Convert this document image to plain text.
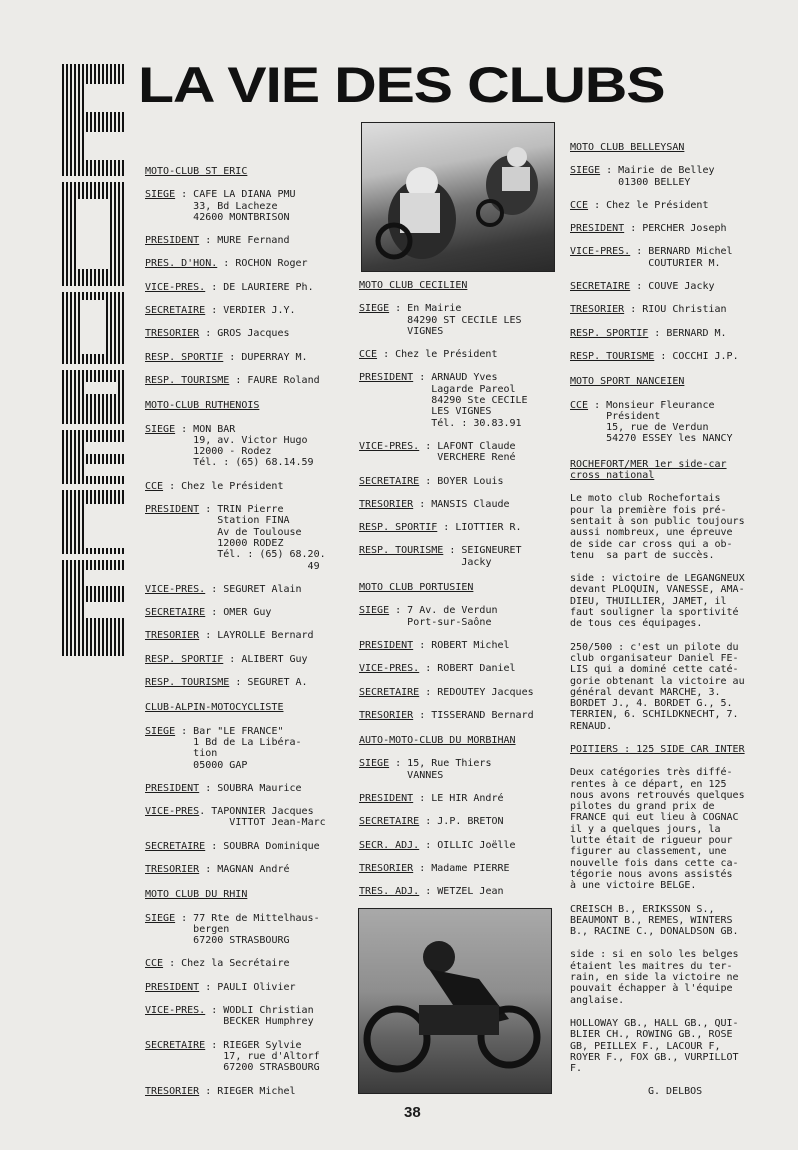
LA VIE DES CLUBS
MOTO-CLUB ST ERIC
SIEGE : CAFE LA DIANA PMU
33, Bd Lacheze
42600 MONTBRISON
PRESIDENT : MURE Fernand
PRES. D'HON. : ROCHON Roger
VICE-PRES. : DE LAURIERE Ph.
SECRETAIRE : VERDIER J.Y.
TRESORIER : GROS Jacques
RESP. SPORTIF : DUPERRAY M.
RESP. TOURISME : FAURE Roland
MOTO-CLUB RUTHENOIS
SIEGE : MON BAR
19, av. Victor Hugo
12000 - Rodez
Tél. : (65) 68.14.59
CCE : Chez le Président
PRESIDENT : TRIN Pierre
Station FINA
Av de Toulouse
12000 RODEZ
Tél. : (65) 68.20.
49
VICE-PRES. : SEGURET Alain
SECRETAIRE : OMER Guy
TRESORIER : LAYROLLE Bernard
RESP. SPORTIF : ALIBERT Guy
RESP. TOURISME : SEGURET A.
CLUB-ALPIN-MOTOCYCLISTE
SIEGE : Bar "LE FRANCE"
1 Bd de La Libéra-
tion
05000 GAP
PRESIDENT : SOUBRA Maurice
VICE-PRES . TAPONNIER Jacques
VITTOT Jean-Marc
SECRETAIRE : SOUBRA Dominique
TRESORIER : MAGNAN André
MOTO CLUB DU RHIN
SIEGE : 77 Rte de Mittelhaus-
bergen
67200 STRASBOURG
CCE : Chez la Secrétaire
PRESIDENT : PAULI Olivier
VICE-PRES. : WODLI Christian
BECKER Humphrey
SECRETAIRE : RIEGER Sylvie
17, rue d'Altorf
67200 STRASBOURG
TRESORIER : RIEGER Michel
MOTO CLUB CECILIEN
SIEGE : En Mairie
84290 ST CECILE LES
VIGNES
CCE : Chez le Président
PRESIDENT : ARNAUD Yves
Lagarde Pareol
84290 Ste CECILE
LES VIGNES
Tél. : 30.83.91
VICE-PRES. : LAFONT Claude
VERCHERE René
SECRETAIRE : BOYER Louis
TRESORIER : MANSIS Claude
RESP. SPORTIF : LIOTTIER R.
RESP. TOURISME : SEIGNEURET
Jacky
MOTO CLUB PORTUSIEN
SIEGE : 7 Av. de Verdun
Port-sur-Saône
PRESIDENT : ROBERT Michel
VICE-PRES. : ROBERT Daniel
SECRETAIRE : REDOUTEY Jacques
TRESORIER : TISSERAND Bernard
AUTO-MOTO-CLUB DU MORBIHAN
SIEGE : 15, Rue Thiers
VANNES
PRESIDENT : LE HIR André
SECRETAIRE : J.P. BRETON
SECR. ADJ. : OILLIC Joëlle
TRESORIER : Madame PIERRE
TRES. ADJ. : WETZEL Jean
MOTO CLUB BELLEYSAN
SIEGE : Mairie de Belley
01300 BELLEY
CCE : Chez le Président
PRESIDENT : PERCHER Joseph
VICE-PRES. : BERNARD Michel
COUTURIER M.
SECRETAIRE : COUVE Jacky
TRESORIER : RIOU Christian
RESP. SPORTIF : BERNARD M.
RESP. TOURISME : COCCHI J.P.
MOTO SPORT NANCEIEN
CCE : Monsieur Fleurance
Président
15, rue de Verdun
54270 ESSEY les NANCY
ROCHEFORT/MER 1er side-car
cross national
Le moto club Rochefortais
pour la première fois pré-
sentait à son public toujours
aussi nombreux, une épreuve
de side car cross qui a ob-
tenu  sa part de succès.
side : victoire de LEGANGNEUX
devant PLOQUIN, VANESSE, AMA-
DIEU, THUILLIER, JAMET, il
faut souligner la sportivité
de tous ces équipages.
250/500 : c'est un pilote du
club organisateur Daniel FE-
LIS qui a dominé cette caté-
gorie obtenant la victoire au
général devant MARCHE, 3.
BORDET J., 4. BORDET G., 5.
TERRIEN, 6. SCHILDKNECHT, 7.
RENAUD.
POITIERS : 125 SIDE CAR INTER
Deux catégories très diffé-
rentes à ce départ, en 125
nous avons retrouvés quelques
pilotes du grand prix de
FRANCE qui eut lieu à COGNAC
il y a quelques jours, la
lutte était de rigueur pour
figurer au classement, une
nouvelle fois dans cette ca-
tégorie nous avons assistés
à une victoire BELGE.
CREISCH B., ERIKSSON S.,
BEAUMONT B., REMES, WINTERS
B., RACINE C., DONALDSON GB.
side : si en solo les belges
étaient les maitres du ter-
rain, en side la victoire ne
pouvait échapper à l'équipe
anglaise.
HOLLOWAY GB., HALL GB., QUI-
BLIER CH., ROWING GB., ROSE
GB, PEILLEX F., LACOUR F,
ROYER F., FOX GB., VURPILLOT
F.
G. DELBOS
38
